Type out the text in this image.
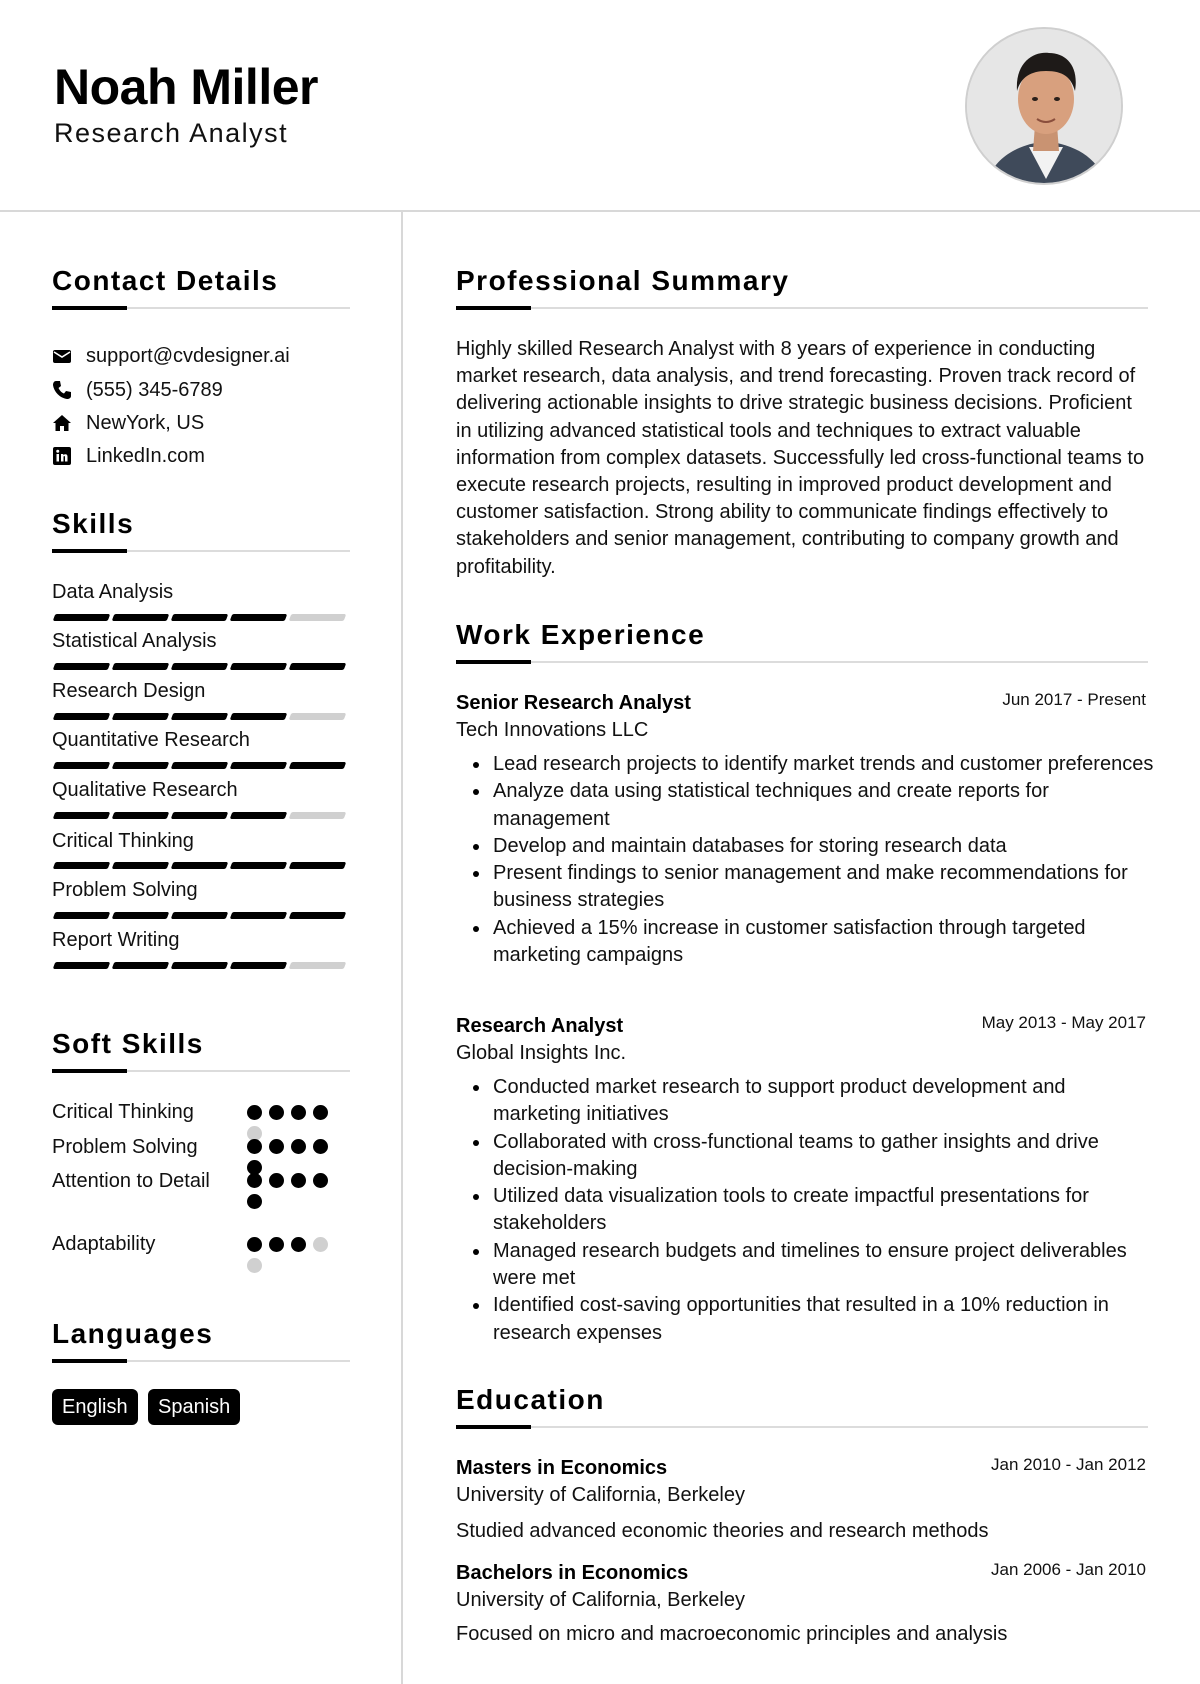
Noah Miller
Research Analyst
Contact Details
support@cvdesigner.ai
(555) 345-6789
NewYork, US
LinkedIn.com
Skills
Data Analysis
Statistical Analysis
Research Design
Quantitative Research
Qualitative Research
Critical Thinking
Problem Solving
Report Writing
Soft Skills
Critical Thinking
Problem Solving
Attention to Detail
Adaptability
Languages
English	Spanish
Professional Summary
Highly skilled Research Analyst with 8 years of experience in conducting market research, data analysis, and trend forecasting. Proven track record of delivering actionable insights to drive strategic business decisions. Proficient in utilizing advanced statistical tools and techniques to extract valuable information from complex datasets. Successfully led cross-functional teams to execute research projects, resulting in improved product development and customer satisfaction. Strong ability to communicate findings effectively to stakeholders and senior management, contributing to company growth and profitability.
Work Experience
Senior Research Analyst	Jun 2017 - Present
Tech Innovations LLC
Lead research projects to identify market trends and customer preferences
Analyze data using statistical techniques and create reports for management
Develop and maintain databases for storing research data
Present findings to senior management and make recommendations for business strategies
Achieved a 15% increase in customer satisfaction through targeted marketing campaigns
Research Analyst	May 2013 - May 2017
Global Insights Inc.
Conducted market research to support product development and marketing initiatives
Collaborated with cross-functional teams to gather insights and drive decision-making
Utilized data visualization tools to create impactful presentations for stakeholders
Managed research budgets and timelines to ensure project deliverables were met
Identified cost-saving opportunities that resulted in a 10% reduction in research expenses
Education
Masters in Economics	Jan 2010 - Jan 2012
University of California, Berkeley
Studied advanced economic theories and research methods
Bachelors in Economics	Jan 2006 - Jan 2010
University of California, Berkeley
Focused on micro and macroeconomic principles and analysis
